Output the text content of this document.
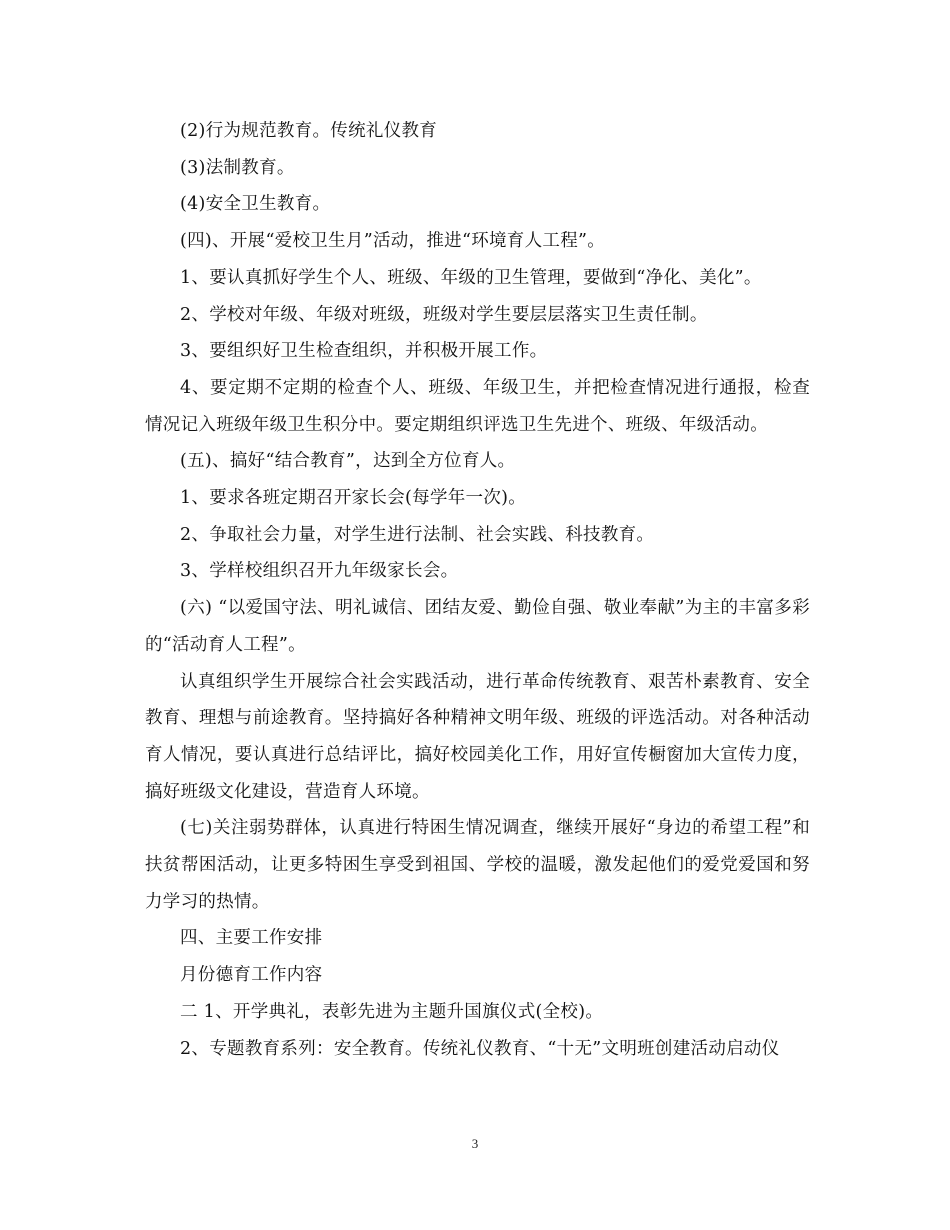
(2)行为规范教育。传统礼仪教育

(3)法制教育。

(4)安全卫生教育。

(四)、开展“爱校卫生月”活动，推进“环境育人工程”。

1、要认真抓好学生个人、班级、年级的卫生管理，要做到“净化、美化”。

2、学校对年级、年级对班级，班级对学生要层层落实卫生责任制。

3、要组织好卫生检查组织，并积极开展工作。

4、要定期不定期的检查个人、班级、年级卫生，并把检查情况进行通报，检查情况记入班级年级卫生积分中。要定期组织评选卫生先进个、班级、年级活动。

(五)、搞好“结合教育”，达到全方位育人。

1、要求各班定期召开家长会(每学年一次)。

2、争取社会力量，对学生进行法制、社会实践、科技教育。

3、学样校组织召开九年级家长会。

(六) “以爱国守法、明礼诚信、团结友爱、勤俭自强、敬业奉献”为主的丰富多彩的“活动育人工程”。

认真组织学生开展综合社会实践活动，进行革命传统教育、艰苦朴素教育、安全教育、理想与前途教育。坚持搞好各种精神文明年级、班级的评选活动。对各种活动育人情况，要认真进行总结评比，搞好校园美化工作，用好宣传橱窗加大宣传力度，搞好班级文化建设，营造育人环境。

(七)关注弱势群体，认真进行特困生情况调查，继续开展好“身边的希望工程”和扶贫帮困活动，让更多特困生享受到祖国、学校的温暖，激发起他们的爱党爱国和努力学习的热情。

四、主要工作安排

月份德育工作内容

二 1、开学典礼，表彰先进为主题升国旗仪式(全校)。

2、专题教育系列：安全教育。传统礼仪教育、“十无”文明班创建活动启动仪

3
